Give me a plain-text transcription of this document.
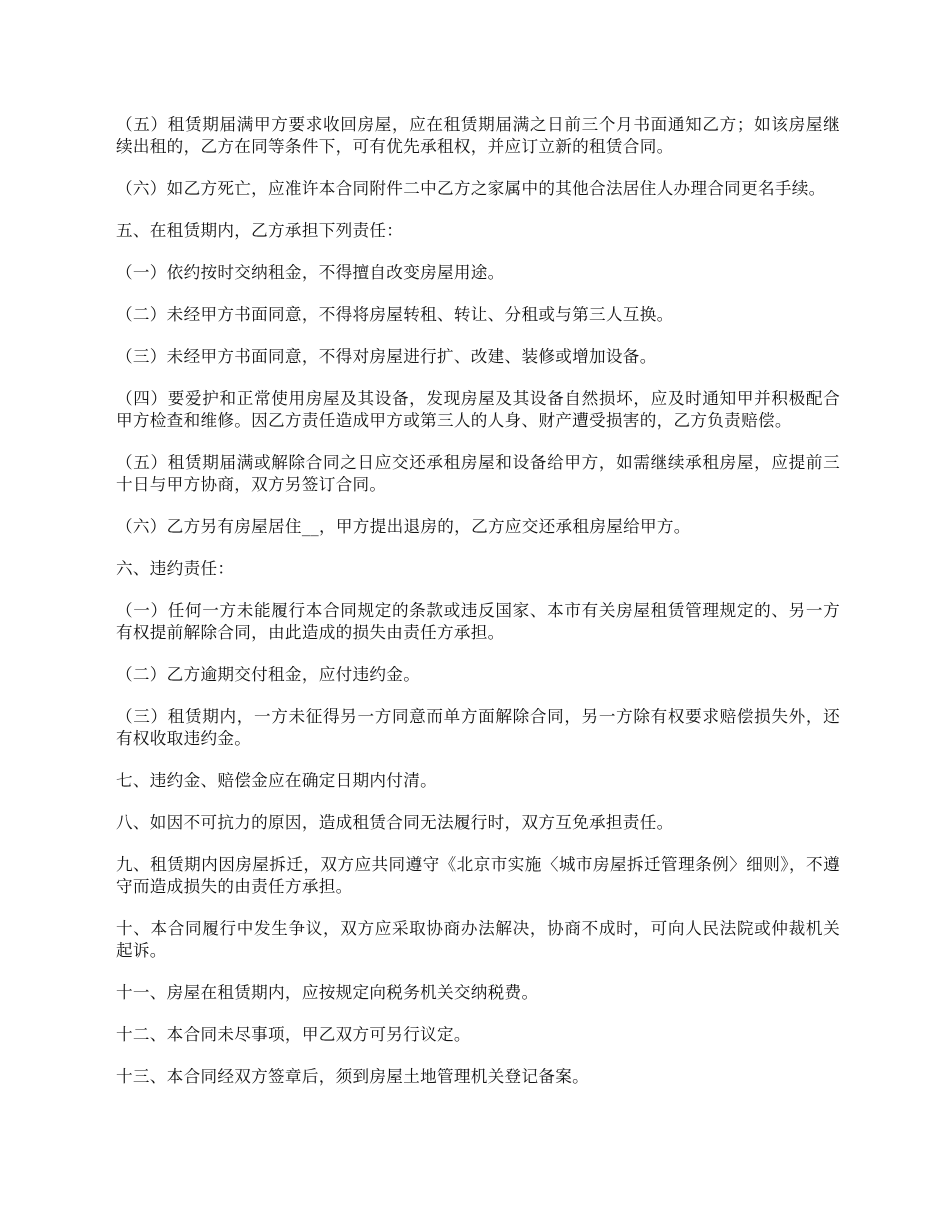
（五）租赁期届满甲方要求收回房屋，应在租赁期届满之日前三个月书面通知乙方；如该房屋继续出租的，乙方在同等条件下，可有优先承租权，并应订立新的租赁合同。

（六）如乙方死亡，应准许本合同附件二中乙方之家属中的其他合法居住人办理合同更名手续。

五、在租赁期内，乙方承担下列责任：

（一）依约按时交纳租金，不得擅自改变房屋用途。

（二）未经甲方书面同意，不得将房屋转租、转让、分租或与第三人互换。

（三）未经甲方书面同意，不得对房屋进行扩、改建、装修或增加设备。

（四）要爱护和正常使用房屋及其设备，发现房屋及其设备自然损坏，应及时通知甲并积极配合甲方检查和维修。因乙方责任造成甲方或第三人的人身、财产遭受损害的，乙方负责赔偿。

（五）租赁期届满或解除合同之日应交还承租房屋和设备给甲方，如需继续承租房屋，应提前三十日与甲方协商，双方另签订合同。

（六）乙方另有房屋居住__，甲方提出退房的，乙方应交还承租房屋给甲方。

六、违约责任：

（一）任何一方未能履行本合同规定的条款或违反国家、本市有关房屋租赁管理规定的、另一方有权提前解除合同，由此造成的损失由责任方承担。

（二）乙方逾期交付租金，应付违约金。

（三）租赁期内，一方未征得另一方同意而单方面解除合同，另一方除有权要求赔偿损失外，还有权收取违约金。

七、违约金、赔偿金应在确定日期内付清。

八、如因不可抗力的原因，造成租赁合同无法履行时，双方互免承担责任。

九、租赁期内因房屋拆迁，双方应共同遵守《北京市实施〈城市房屋拆迁管理条例〉细则》，不遵守而造成损失的由责任方承担。

十、本合同履行中发生争议，双方应采取协商办法解决，协商不成时，可向人民法院或仲裁机关起诉。

十一、房屋在租赁期内，应按规定向税务机关交纳税费。

十二、本合同未尽事项，甲乙双方可另行议定。

十三、本合同经双方签章后，须到房屋土地管理机关登记备案。
